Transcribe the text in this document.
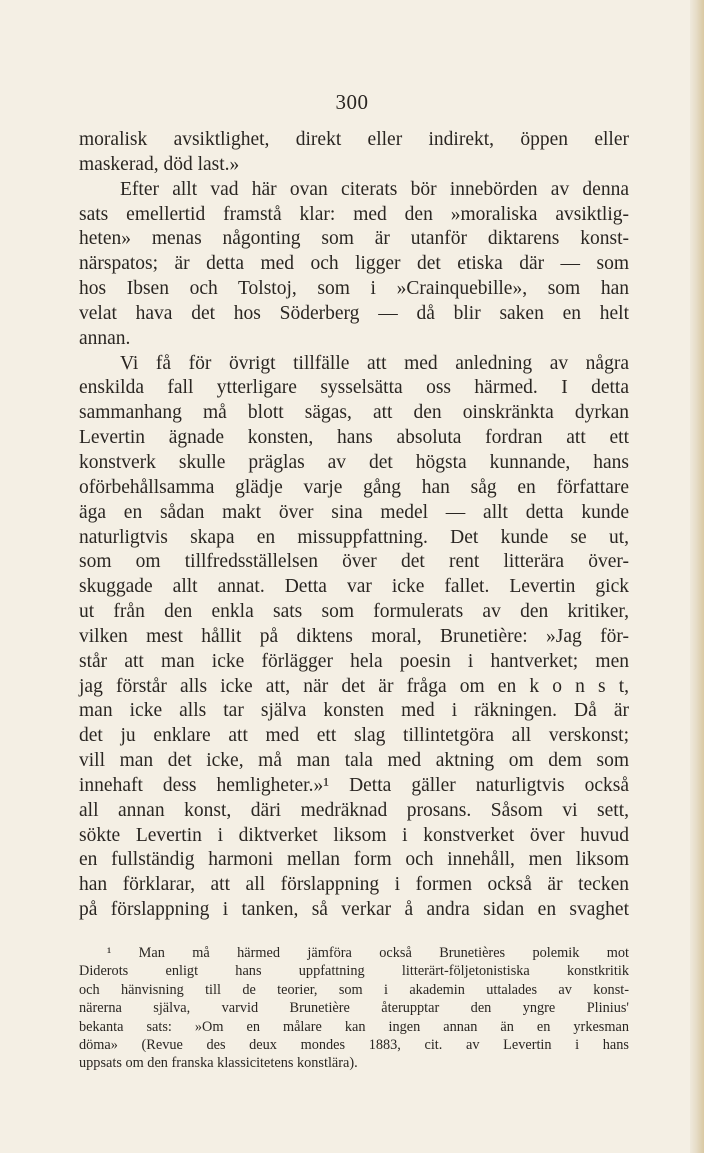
300
moralisk avsiktlighet, direkt eller indirekt, öppen eller
maskerad, död last.»
Efter allt vad här ovan citerats bör innebörden av denna
sats emellertid framstå klar: med den »moraliska avsiktlig-
heten» menas någonting som är utanför diktarens konst-
närspatos; är detta med och ligger det etiska där — som
hos Ibsen och Tolstoj, som i »Crainquebille», som han
velat hava det hos Söderberg — då blir saken en helt
annan.
Vi få för övrigt tillfälle att med anledning av några
enskilda fall ytterligare sysselsätta oss härmed. I detta
sammanhang må blott sägas, att den oinskränkta dyrkan
Levertin ägnade konsten, hans absoluta fordran att ett
konstverk skulle präglas av det högsta kunnande, hans
oförbehållsamma glädje varje gång han såg en författare
äga en sådan makt över sina medel — allt detta kunde
naturligtvis skapa en missuppfattning. Det kunde se ut,
som om tillfredsställelsen över det rent litterära över-
skuggade allt annat. Detta var icke fallet. Levertin gick
ut från den enkla sats som formulerats av den kritiker,
vilken mest hållit på diktens moral, Brunetière: »Jag för-
står att man icke förlägger hela poesin i hantverket; men
jag förstår alls icke att, när det är fråga om en k o n s t,
man icke alls tar själva konsten med i räkningen. Då är
det ju enklare att med ett slag tillintetgöra all verskonst;
vill man det icke, må man tala med aktning om dem som
innehaft dess hemligheter.»¹ Detta gäller naturligtvis också
all annan konst, däri medräknad prosans. Såsom vi sett,
sökte Levertin i diktverket liksom i konstverket över huvud
en fullständig harmoni mellan form och innehåll, men liksom
han förklarar, att all förslappning i formen också är tecken
på förslappning i tanken, så verkar å andra sidan en svaghet
¹ Man må härmed jämföra också Brunetières polemik mot
Diderots enligt hans uppfattning litterärt-följetonistiska konstkritik
och hänvisning till de teorier, som i akademin uttalades av konst-
närerna själva, varvid Brunetière återupptar den yngre Plinius'
bekanta sats: »Om en målare kan ingen annan än en yrkesman
döma» (Revue des deux mondes 1883, cit. av Levertin i hans
uppsats om den franska klassicitetens konstlära).
